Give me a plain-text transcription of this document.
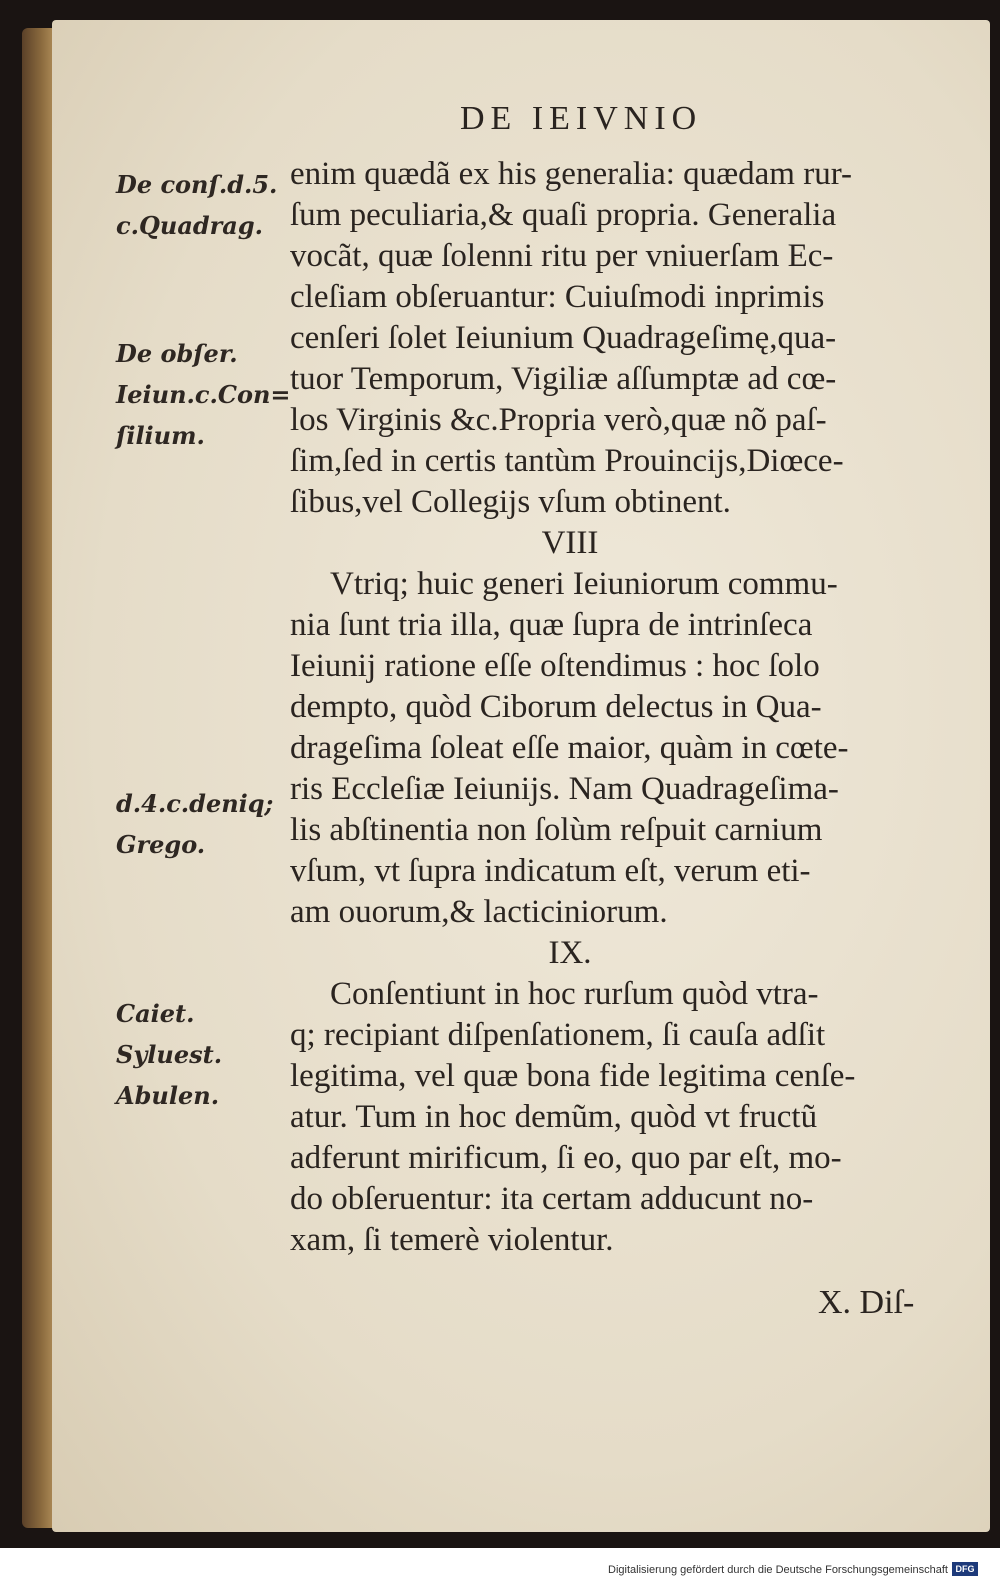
DE IEIVNIO
enim quædã ex his generalia: quædam rur-
ſum peculiaria,& quaſi propria. Generalia
vocãt, quæ ſolenni ritu per vniuerſam Ec-
cleſiam obſeruantur: Cuiuſmodi inprimis
cenſeri ſolet Ieiunium Quadrageſimę,qua-
tuor Temporum, Vigiliæ aſſumptæ ad cœ-
los Virginis &c.Propria verò,quæ nõ paſ-
ſim,ſed in certis tantùm Prouincijs,Diœce-
ſibus,vel Collegijs vſum obtinent.
VIII
Vtriq; huic generi Ieiuniorum commu-
nia ſunt tria illa, quæ ſupra de intrinſeca
Ieiunij ratione eſſe oſtendimus : hoc ſolo
dempto, quòd Ciborum delectus in Qua-
drageſima ſoleat eſſe maior, quàm in cœte-
ris Eccleſiæ Ieiunijs. Nam Quadrageſima-
lis abſtinentia non ſolùm reſpuit carnium
vſum, vt ſupra indicatum eſt, verum eti-
am ouorum,& lacticiniorum.
IX.
Conſentiunt in hoc rurſum quòd vtra-
q; recipiant diſpenſationem, ſi cauſa adſit
legitima, vel quæ bona fide legitima cenſe-
atur. Tum in hoc demũm, quòd vt fructũ
adferunt mirificum, ſi eo, quo par eſt, mo-
do obſeruentur: ita certam adducunt no-
xam, ſi temerè violentur.
X. Diſ-
De conſ.d.5.
c.Quadrag.
De obſer.
Ieiun.c.Con=
ſilium.
d.4.c.deniq;
Grego.
Caiet.
Syluest.
Abulen.
Digitalisierung gefördert durch die Deutsche Forschungsgemeinschaft DFG
